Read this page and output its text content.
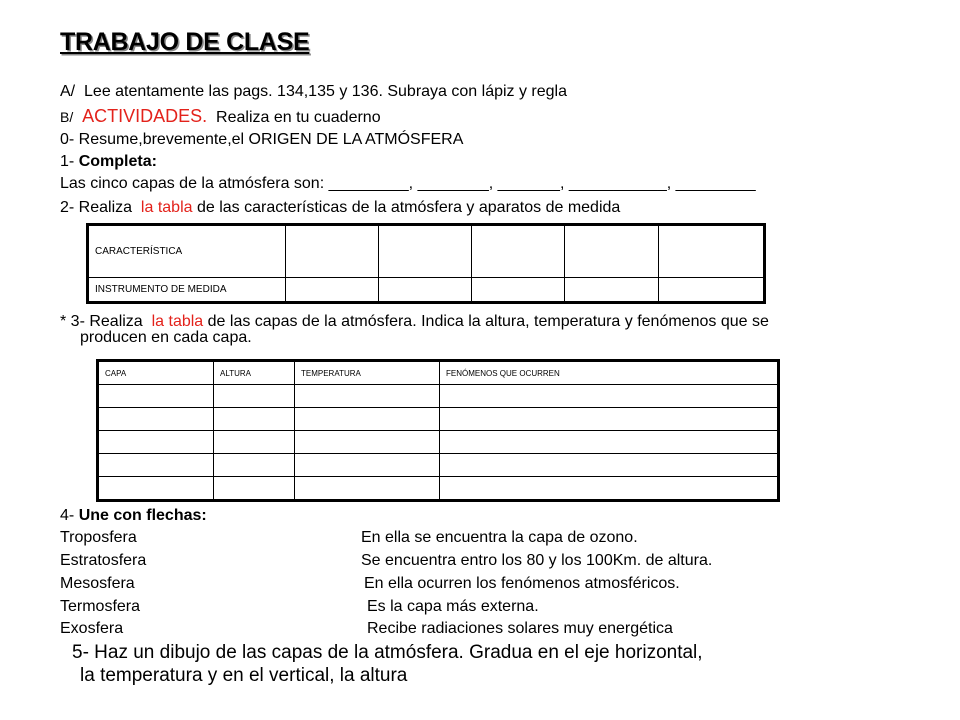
TRABAJO DE CLASE
A/ Lee atentamente las pags. 134,135 y 136. Subraya con lápiz y regla
B/ ACTIVIDADES. Realiza en tu cuaderno
0- Resume,brevemente,el ORIGEN DE LA ATMÓSFERA
1- Completa:
Las cinco capas de la atmósfera son: _________, ________, _______, ___________, _________
2- Realiza la tabla de las características de la atmósfera y aparatos de medida
CARACTERÍSTICA					
INSTRUMENTO DE MEDIDA					
* 3- Realiza la tabla de las capas de la atmósfera. Indica la altura, temperatura y fenómenos que se
producen en cada capa.
CAPA	ALTURA	TEMPERATURA	FENÓMENOS QUE OCURREN

4- Une con flechas:
Troposfera	En ella se encuentra la capa de ozono.
Estratosfera	Se encuentra entro los 80 y los 100Km. de altura.
Mesosfera	En ella ocurren los fenómenos atmosféricos.
Termosfera	Es la capa más externa.
Exosfera	Recibe radiaciones solares muy energética
5- Haz un dibujo de las capas de la atmósfera. Gradua en el eje horizontal,
la temperatura y en el vertical, la altura
